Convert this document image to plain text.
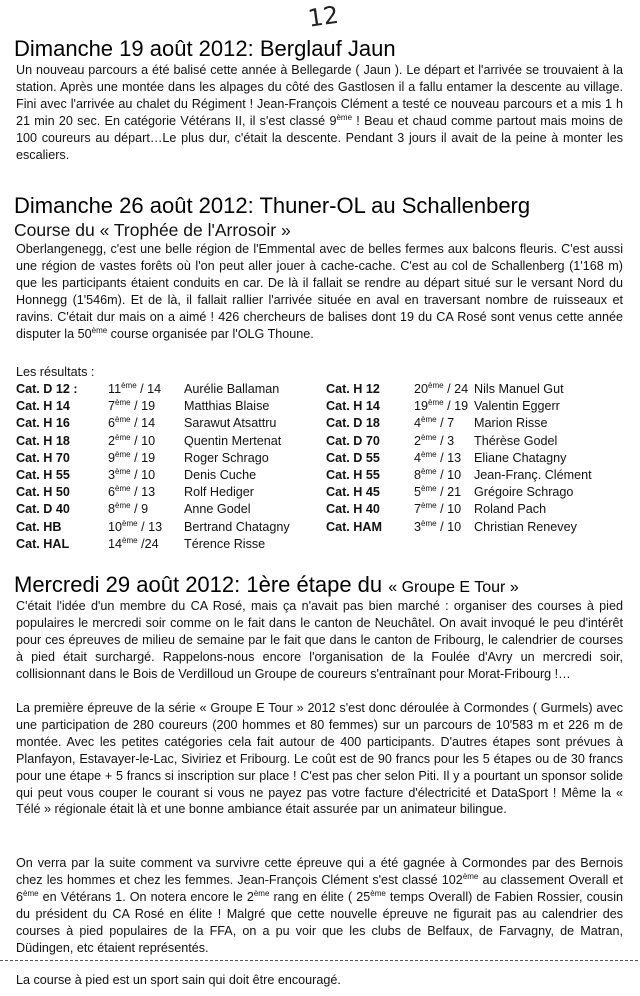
12
Dimanche 19 août 2012: Berglauf Jaun
Un nouveau parcours a été balisé cette année à Bellegarde ( Jaun ). Le départ et l'arrivée se trouvaient à la station. Après une montée dans les alpages du côté des Gastlosen il a fallu entamer la descente au village. Fini avec l'arrivée au chalet du Régiment ! Jean-François Clément a testé ce nouveau parcours et a mis 1 h 21 min 20 sec. En catégorie Vétérans II, il s'est classé 9ème ! Beau et chaud comme partout mais moins de 100 coureurs au départ…Le plus dur, c'était la descente. Pendant 3 jours il avait de la peine à monter les escaliers.
Dimanche 26 août 2012: Thuner-OL au Schallenberg
Course du « Trophée de l'Arrosoir »
Oberlangenegg, c'est une belle région de l'Emmental avec de belles fermes aux balcons fleuris. C'est aussi une région de vastes forêts où l'on peut aller jouer à cache-cache. C'est au col de Schallenberg (1'168 m) que les participants étaient conduits en car. De là il fallait se rendre au départ situé sur le versant Nord du Honnegg (1'546m). Et de là, il fallait rallier l'arrivée située en aval en traversant nombre de ruisseaux et ravins. C'était dur mais on a aimé ! 426 chercheurs de balises dont 19 du CA Rosé sont venus cette année disputer la 50ème course organisée par l'OLG Thoune.
Les résultats :
Cat. D 12 : 11ème / 14 Aurélie Ballaman
Cat. H 14	7ème / 19 Matthias Blaise
Cat. H 16	6ème / 14 Sarawut Atsattru
Cat. H 18	2ème / 10 Quentin Mertenat
Cat. H 70	9ème / 19 Roger Schrago
Cat. H 55	3ème / 10 Denis Cuche
Cat. H 50	6ème / 13 Rolf Hediger
Cat. D 40	8ème / 9	Anne Godel
Cat. HB	10ème / 13 Bertrand Chatagny
Cat. HAL	14ème /24 Térence Risse
Cat. H 12	20ème / 24 Nils Manuel Gut
Cat. H 14	19ème / 19 Valentin Eggerr
Cat. D 18	4ème / 7 Marion Risse
Cat. D 70	2ème / 3 Thérèse Godel
Cat. D 55	4ème / 13 Eliane Chatagny
Cat. H 55	8ème / 10 Jean-Franç. Clément
Cat. H 45	5ème / 21 Grégoire Schrago
Cat. H 40	7ème / 10 Roland Pach
Cat. HAM	3ème / 10 Christian Renevey
Mercredi 29 août 2012: 1ère étape du « Groupe E Tour »
C'était l'idée d'un membre du CA Rosé, mais ça n'avait pas bien marché : organiser des courses à pied populaires le mercredi soir comme on le fait dans le canton de Neuchâtel. On avait invoqué le peu d'intérêt pour ces épreuves de milieu de semaine par le fait que dans le canton de Fribourg, le calendrier de courses à pied était surchargé. Rappelons-nous encore l'organisation de la Foulée d'Avry un mercredi soir, collisionnant dans le Bois de Verdilloud un Groupe de coureurs s'entraînant pour Morat-Fribourg !…
La première épreuve de la série « Groupe E Tour » 2012 s'est donc déroulée à Cormondes ( Gurmels) avec une participation de 280 coureurs (200 hommes et 80 femmes) sur un parcours de 10'583 m et 226 m de montée. Avec les petites catégories cela fait autour de 400 participants. D'autres étapes sont prévues à Planfayon, Estavayer-le-Lac, Siviriez et Fribourg. Le coût est de 90 francs pour les 5 étapes ou de 30 francs pour une étape + 5 francs si inscription sur place ! C'est pas cher selon Piti. Il y a pourtant un sponsor solide qui peut vous couper le courant si vous ne payez pas votre facture d'électricité et DataSport ! Même la « Télé » régionale était là et une bonne ambiance était assurée par un animateur bilingue.
On verra par la suite comment va survivre cette épreuve qui a été gagnée à Cormondes par des Bernois chez les hommes et chez les femmes. Jean-François Clément s'est classé 102ème au classement Overall et 6ème en Vétérans 1. On notera encore le 2ème rang en élite ( 25ème temps Overall) de Fabien Rossier, cousin du président du CA Rosé en élite ! Malgré que cette nouvelle épreuve ne figurait pas au calendrier des courses à pied populaires de la FFA, on a pu voir que les clubs de Belfaux, de Farvagny, de Matran, Düdingen, etc étaient représentés.
La course à pied est un sport sain qui doit être encouragé.
